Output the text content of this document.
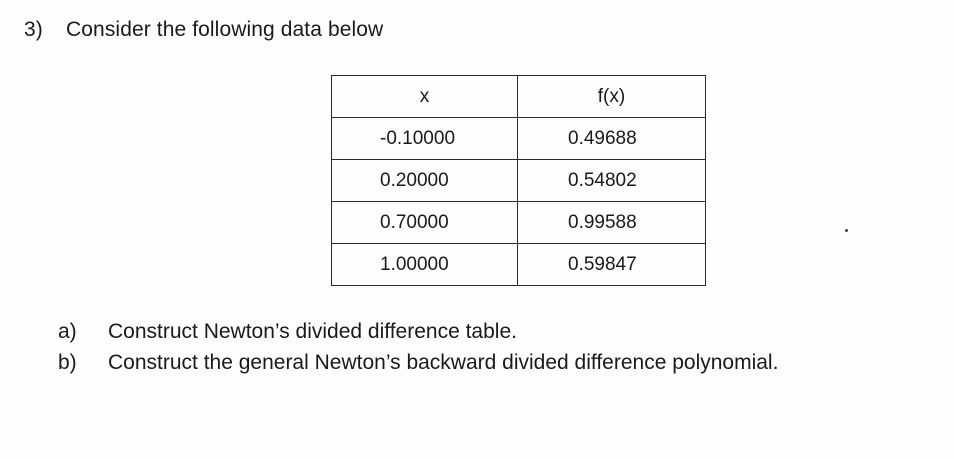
3) Consider the following data below
x	f(x)
-0.10000	0.49688
0.20000	0.54802
0.70000	0.99588
1.00000	0.59847
a) Construct Newton’s divided difference table.
b) Construct the general Newton’s backward divided difference polynomial.
